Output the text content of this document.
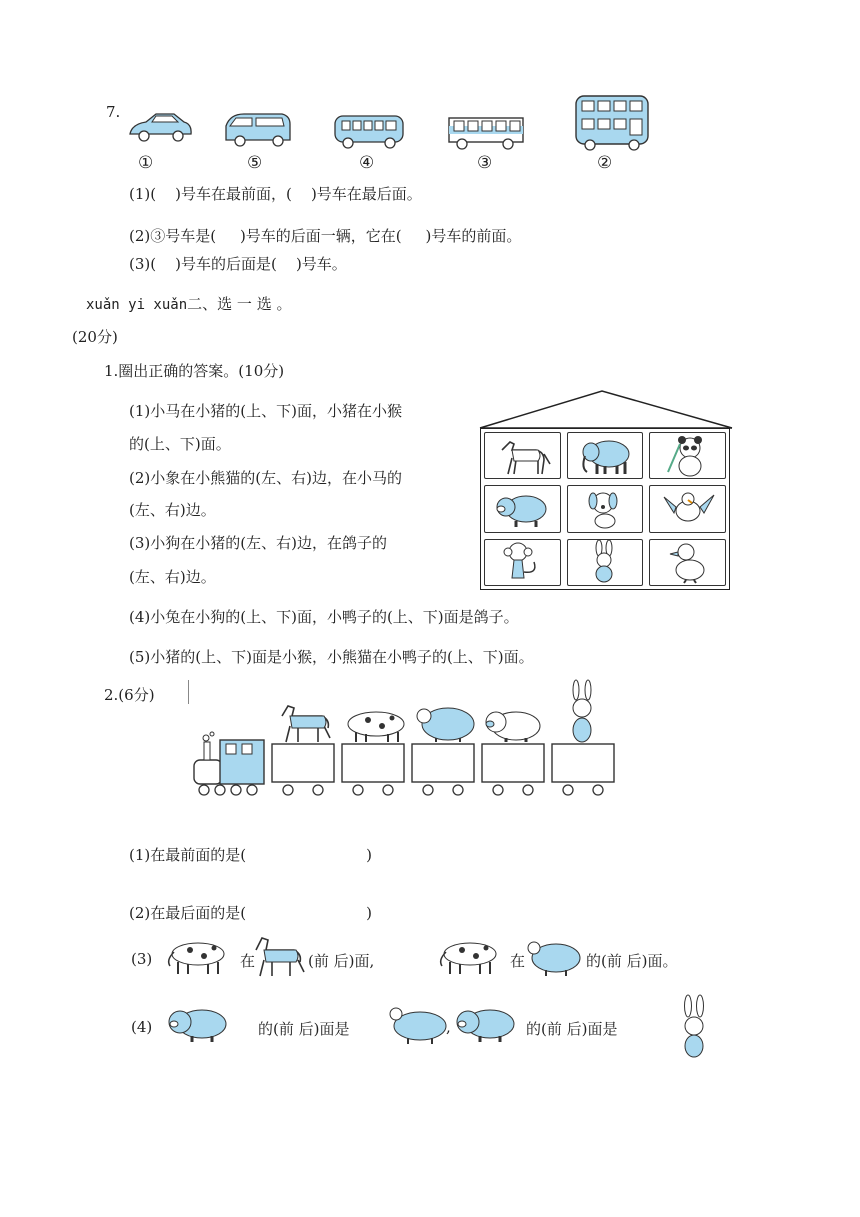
7.
①	⑤	④	③	②
(1)(    )号车在最前面，(    )号车在最后面。
(2)③号车是(     )号车的后面一辆，它在(     )号车的前面。
(3)(    )号车的后面是(    )号车。
xuǎn yi xuǎn二、选 一 选 。
(20分)
1.圈出正确的答案。(10分)
(1)小马在小猪的(上、下)面，小猪在小猴
的(上、下)面。
(2)小象在小熊猫的(左、右)边，在小马的
(左、右)边。
(3)小狗在小猪的(左、右)边，在鸽子的
(左、右)边。
(4)小兔在小狗的(上、下)面，小鸭子的(上、下)面是鸽子。
(5)小猪的(上、下)面是小猴，小熊猫在小鸭子的(上、下)面。
2.(6分)
(1)在最前面的是(	)
(2)在最后面的是(	)
(3)	在	(前 后)面,	在	的(前 后)面。
(4)	的(前 后)面是	,	的(前 后)面是
